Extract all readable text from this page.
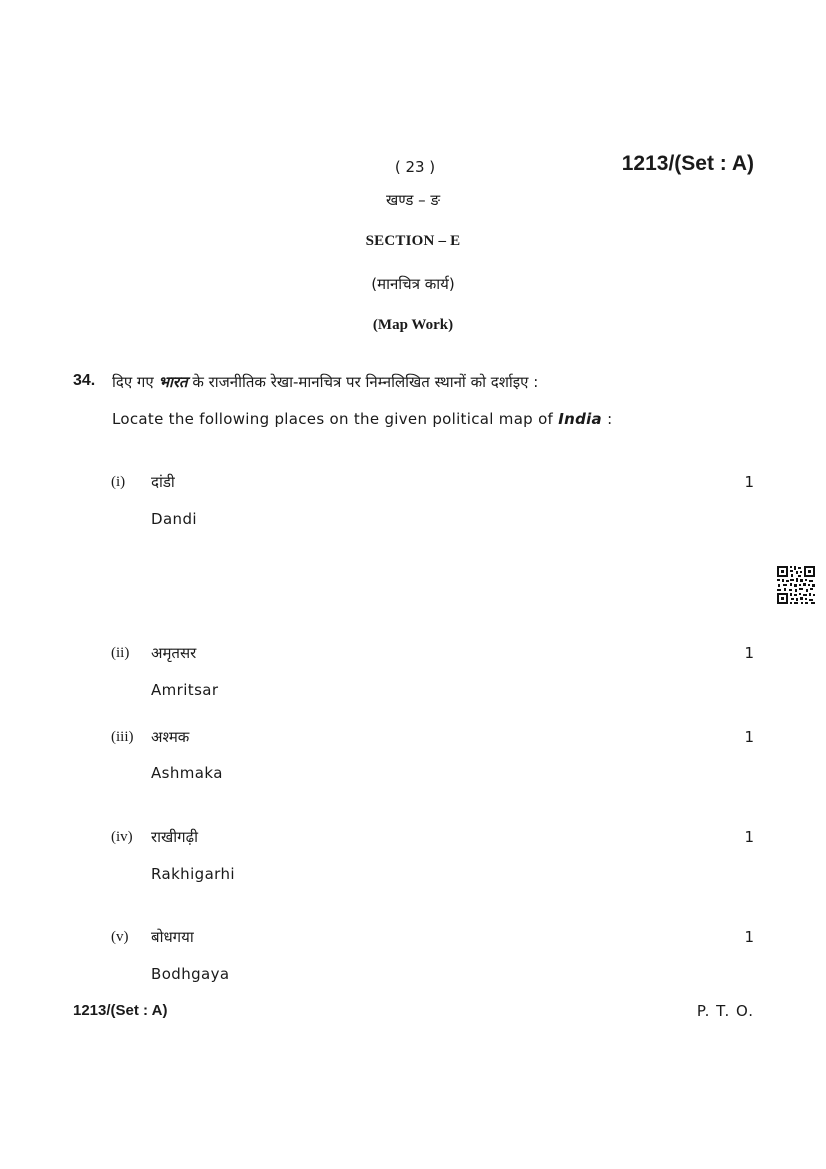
( 23 )	1213/(Set : A)
खण्ड – ङ
SECTION – E
(मानचित्र कार्य)
(Map Work)
34. दिए गए भारत के राजनीतिक रेखा-मानचित्र पर निम्नलिखित स्थानों को दर्शाइए :
Locate the following places on the given political map of India :
(i) दांडी	1
Dandi
(ii) अमृतसर	1
Amritsar
(iii) अश्मक	1
Ashmaka
(iv) राखीगढ़ी	1
Rakhigarhi
(v) बोधगया	1
Bodhgaya
1213/(Set : A)	P. T. O.
